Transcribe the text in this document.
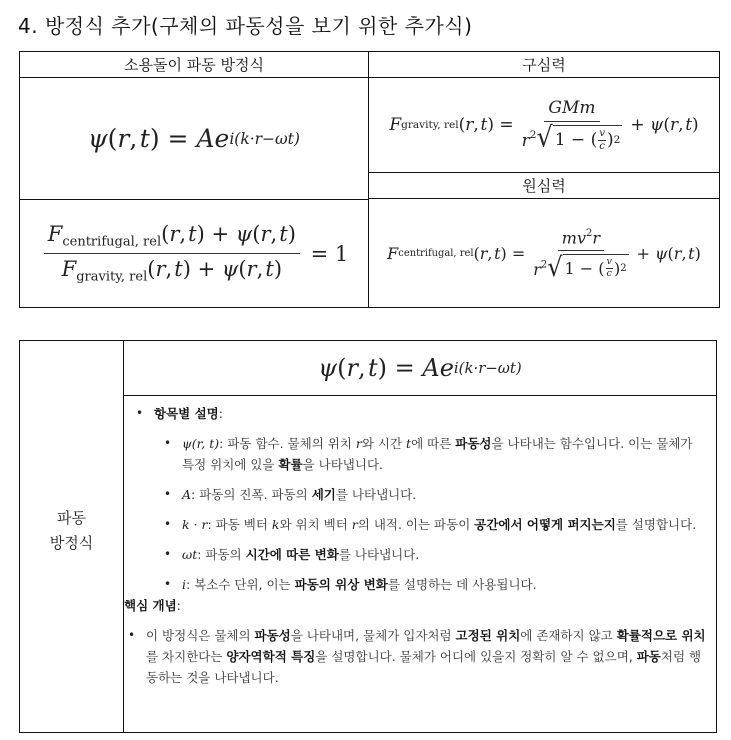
4. 방정식 추가(구체의 파동성을 보기 위한 추가식)
소용돌이 파동 방정식	구심력
ψ ( r ,  t ) = A e i(k·r−ωt)
F gravity, rel ( r ,  t ) = GMm
$r^2$ √ 1 − ( v
c ) 2 + ψ ( r ,  t )
원심력
$\frac{F_{centrifugal, rel}(r, t) + \psi(r, t)}{F_{gravity, rel}(r, t) + \psi(r, t)} = 1$ F centrifugal, rel ( r ,  t ) = $mv^2r$
$r^2$ √ 1 − ( v
c ) 2 + ψ ( r ,  t )
파동
방정식
ψ ( r ,  t ) = A e i(k·r−ωt)
• 항목별 설명:
• ψ(r, t): 파동 함수. 물체의 위치 r와 시간 t에 따른 파동성을 나타내는 함수입니다. 이는 물체가 특정 위치에 있을 확률을 나타냅니다.
• A: 파동의 진폭. 파동의 세기를 나타냅니다.
• k · r: 파동 벡터 k와 위치 벡터 r의 내적. 이는 파동이 공간에서 어떻게 퍼지는지를 설명합니다.
• ωt: 파동의 시간에 따른 변화를 나타냅니다.
• i: 복소수 단위, 이는 파동의 위상 변화를 설명하는 데 사용됩니다.
핵심 개념:
• 이 방정식은 물체의 파동성을 나타내며, 물체가 입자처럼 고정된 위치에 존재하지 않고 확률적으로 위치를 차지한다는 양자역학적 특징을 설명합니다. 물체가 어디에 있을지 정확히 알 수 없으며, 파동처럼 행동하는 것을 나타냅니다.
